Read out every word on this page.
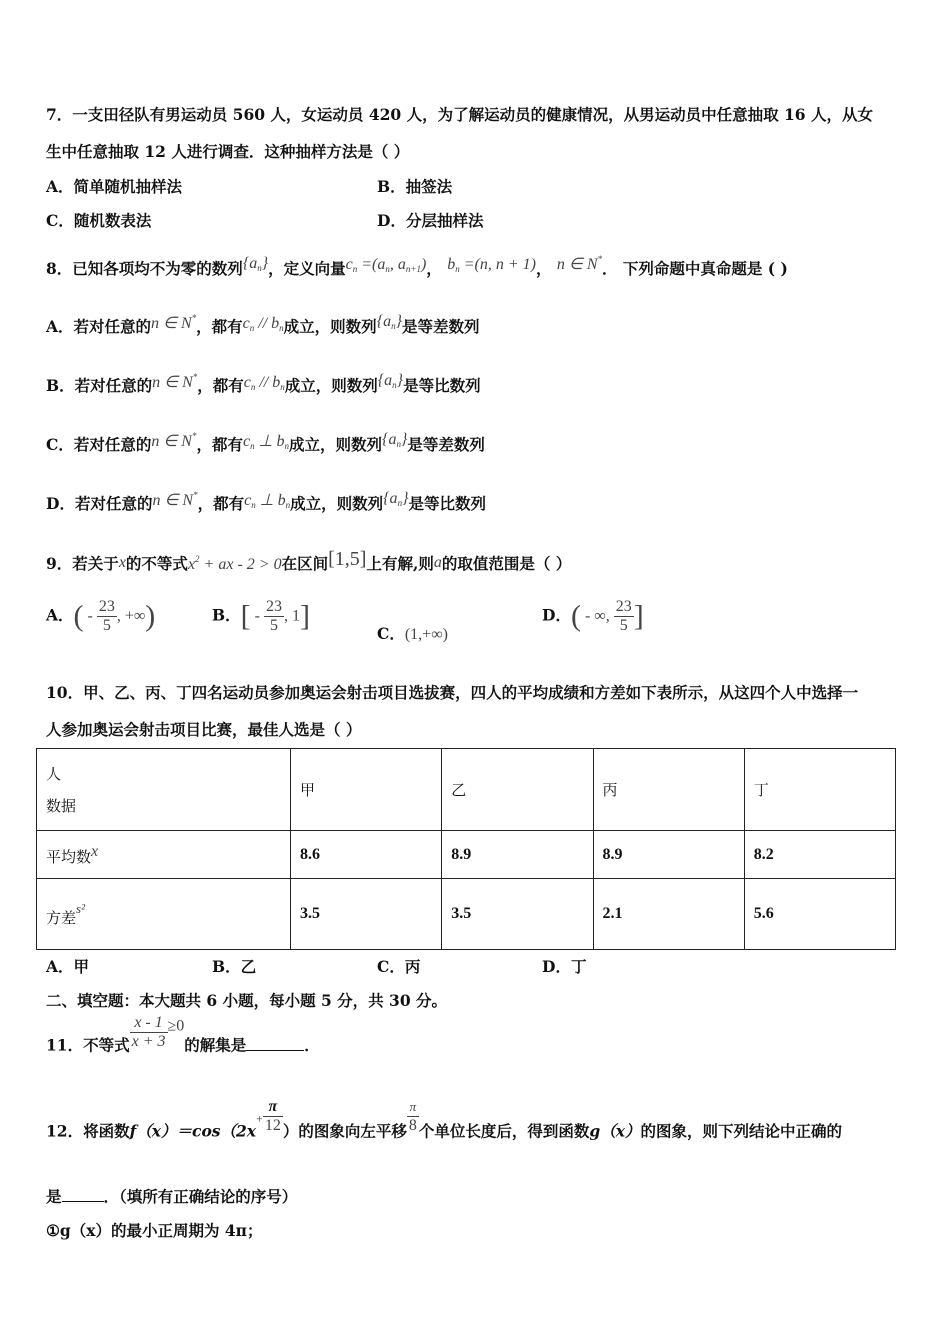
7．一支田径队有男运动员 560 人，女运动员 420 人，为了解运动员的健康情况，从男运动员中任意抽取 16 人，从女
生中任意抽取 12 人进行调查．这种抽样方法是（ ）
A．简单随机抽样法	B．抽签法
C．随机数表法	D．分层抽样法
8．已知各项均不为零的数列$\{a_n\}$，定义向量$c_n =(a_n$, $a_{n+1}$)， $b_n =(n$, n + 1)， n ∈ N*． 下列命题中真命题是 ( )
A．若对任意的n ∈ N*，都有$c_n // b_n$成立，则数列$\{a_n\}$是等差数列
B．若对任意的n ∈ N*，都有$c_n // b_n$成立，则数列$\{a_n\}$是等比数列
C．若对任意的n ∈ N*，都有$c_n$ ⊥ $b_n$成立，则数列$\{a_n\}$是等差数列
D．若对任意的n ∈ N*，都有$c_n$ ⊥ $b_n$成立，则数列$\{a_n\}$是等比数列
9．若关于x的不等式$x^2$ + ax - 2 > 0在区间[1,5]上有解,则a的取值范围是（ ）
A．( - $\frac{23}{5}$ , +∞)	B．[ - $\frac{23}{5}$ , 1]
C．(1,+∞)
D．( - ∞, $\frac{23}{5}$ ]
10．甲、乙、丙、丁四名运动员参加奥运会射击项目选拔赛，四人的平均成绩和方差如下表所示，从这四个人中选择一
人参加奥运会射击项目比赛，最佳人选是（ ）
人
数据	甲	乙	丙	丁
平均数x	8.6	8.9	8.9	8.2
方差s²	3.5	3.5	2.1	5.6
A．甲	B．乙	C．丙	D．丁
二、填空题：本大题共 6 小题，每小题 5 分，共 30 分。
11．不等式 $\frac{x - 1}{x + 3} \ge 0$的解集是	．
12．将函数$f(x)=\cos(2x+ \frac{\pi}{12}$ ）的图象向左平移 $\frac{\pi}{8}$ 个单位长度后，得到函数g（x）的图象，则下列结论中正确的
是	．（填所有正确结论的序号）
①g（x）的最小正周期为 4π；
